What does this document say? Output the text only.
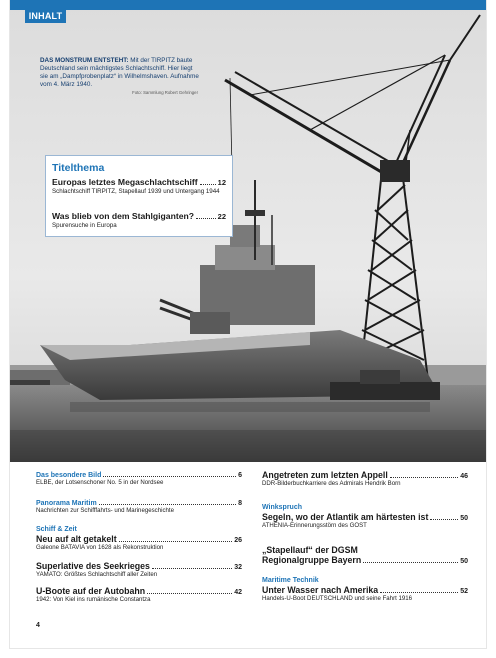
INHALT
DAS MONSTRUM ENTSTEHT: Mit der TIRPITZ baute Deutschland sein mächtigstes Schlachtschiff. Hier liegt sie am „Dampfprobenplatz“ in Wilhelmshaven. Aufnahme vom 4. März 1940.
Foto: Sammlung Robert Gehringer
Titelthema
Europas letztes Megaschlachtschiff	12
Schlachtschiff TIRPITZ, Stapellauf 1939 und Untergang 1944
Was blieb von dem Stahlgiganten?	22
Spurensuche in Europa
Das besondere Bild	6
ELBE, der Lotsenschoner No. 5 in der Nordsee
Panorama Maritim	8
Nachrichten zur Schifffahrts- und Marinegeschichte
Schiff & Zeit
Neu auf alt getakelt	26
Galeone BATAVIA von 1628 als Rekonstruktion
Superlative des Seekrieges	32
YAMATO: Größtes Schlachtschiff aller Zeiten
U-Boote auf der Autobahn	42
1942: Von Kiel ins rumänische Constantza
Angetreten zum letzten Appell	46
DDR-Bilderbuchkarriere des Admirals Hendrik Born
Winkspruch
Segeln, wo der Atlantik am härtesten ist	50
ATHENIA-Erinnerungsstörn des GOST
„Stapellauf“ der DGSM
Regionalgruppe Bayern	50
Maritime Technik
Unter Wasser nach Amerika	52
Handels-U-Boot DEUTSCHLAND und seine Fahrt 1916
4
